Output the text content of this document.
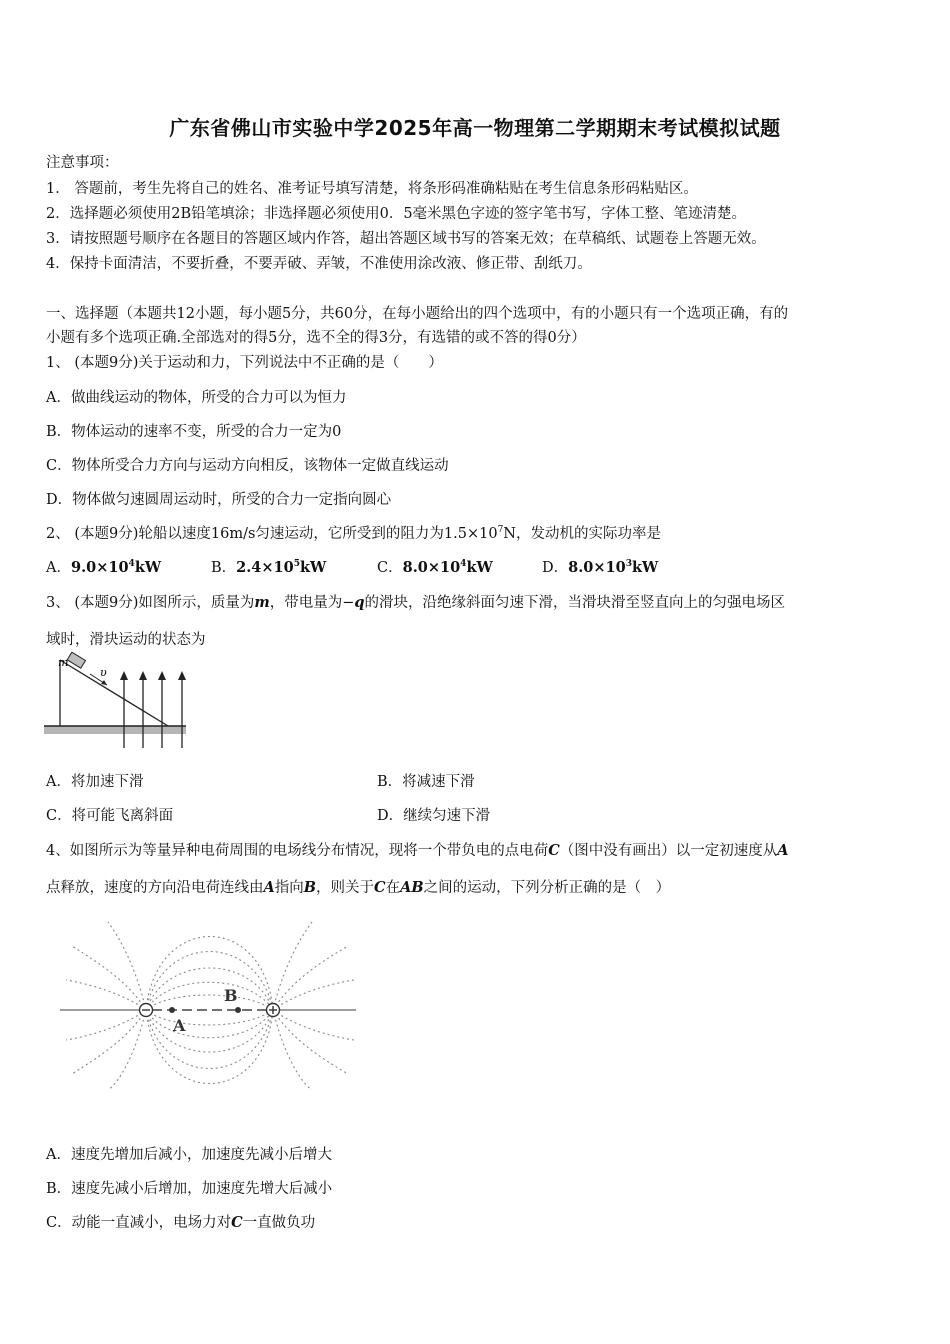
广东省佛山市实验中学2025年高一物理第二学期期末考试模拟试题
注意事项：
1． 答题前，考生先将自己的姓名、准考证号填写清楚，将条形码准确粘贴在考生信息条形码粘贴区。
2．选择题必须使用2B铅笔填涂；非选择题必须使用0．5毫米黑色字迹的签字笔书写，字体工整、笔迹清楚。
3．请按照题号顺序在各题目的答题区域内作答，超出答题区域书写的答案无效；在草稿纸、试题卷上答题无效。
4．保持卡面清洁，不要折叠，不要弄破、弄皱，不准使用涂改液、修正带、刮纸刀。
一、选择题（本题共12小题，每小题5分，共60分，在每小题给出的四个选项中，有的小题只有一个选项正确，有的
小题有多个选项正确.全部选对的得5分，选不全的得3分，有选错的或不答的得0分）
1、 (本题9分)关于运动和力，下列说法中不正确的是（　　）
A．做曲线运动的物体，所受的合力可以为恒力
B．物体运动的速率不变，所受的合力一定为0
C．物体所受合力方向与运动方向相反，该物体一定做直线运动
D．物体做匀速圆周运动时，所受的合力一定指向圆心
2、 (本题9分)轮船以速度16m/s匀速运动，它所受到的阻力为$1.5\times 10^7N$，发动机的实际功率是
A．$9.0\times 10^4kW$	B．$2.4\times 10^5kW$	C．$8.0\times 10^4kW$	D．$8.0\times 10^3kW$
3、 (本题9分)如图所示，质量为m，带电量为−q的滑块，沿绝缘斜面匀速下滑，当滑块滑至竖直向上的匀强电场区
域时，滑块运动的状态为
m
υ
A．将加速下滑	B．将减速下滑
C．将可能飞离斜面	D．继续匀速下滑
4、如图所示为等量异种电荷周围的电场线分布情况，现将一个带负电的点电荷C（图中没有画出）以一定初速度从A
点释放，速度的方向沿电荷连线由A指向B，则关于C在AB之间的运动，下列分析正确的是（　）
A
B
A．速度先增加后减小，加速度先减小后增大
B．速度先减小后增加，加速度先增大后减小
C．动能一直减小，电场力对C一直做负功
